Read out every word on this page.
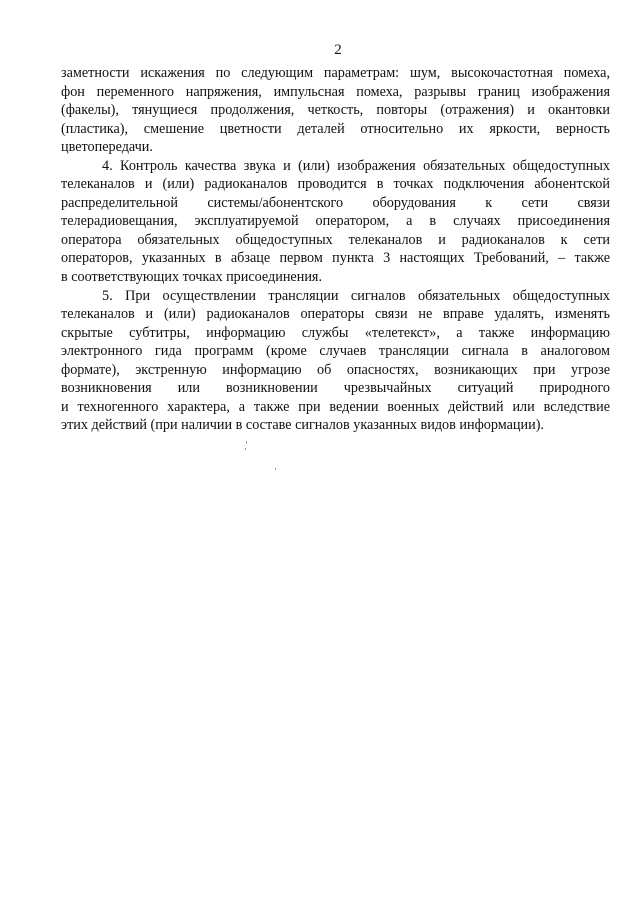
2

заметности искажения по следующим параметрам: шум, высокочастотная помеха,
фон переменного напряжения, импульсная помеха, разрывы границ изображения
(факелы), тянущиеся продолжения, четкость, повторы (отражения) и окантовки
(пластика), смешение цветности деталей относительно их яркости, верность
цветопередачи.

4. Контроль качества звука и (или) изображения обязательных общедоступных
телеканалов и (или) радиоканалов проводится в точках подключения абонентской
распределительной системы/абонентского оборудования к сети связи
телерадиовещания, эксплуатируемой оператором, а в случаях присоединения
оператора обязательных общедоступных телеканалов и радиоканалов к сети
операторов, указанных в абзаце первом пункта 3 настоящих Требований, – также
в соответствующих точках присоединения.

5. При осуществлении трансляции сигналов обязательных общедоступных
телеканалов и (или) радиоканалов операторы связи не вправе удалять, изменять
скрытые субтитры, информацию службы «телетекст», а также информацию
электронного гида программ (кроме случаев трансляции сигнала в аналоговом
формате), экстренную информацию об опасностях, возникающих при угрозе
возникновения или возникновении чрезвычайных ситуаций природного
и техногенного характера, а также при ведении военных действий или вследствие
этих действий (при наличии в составе сигналов указанных видов информации).
